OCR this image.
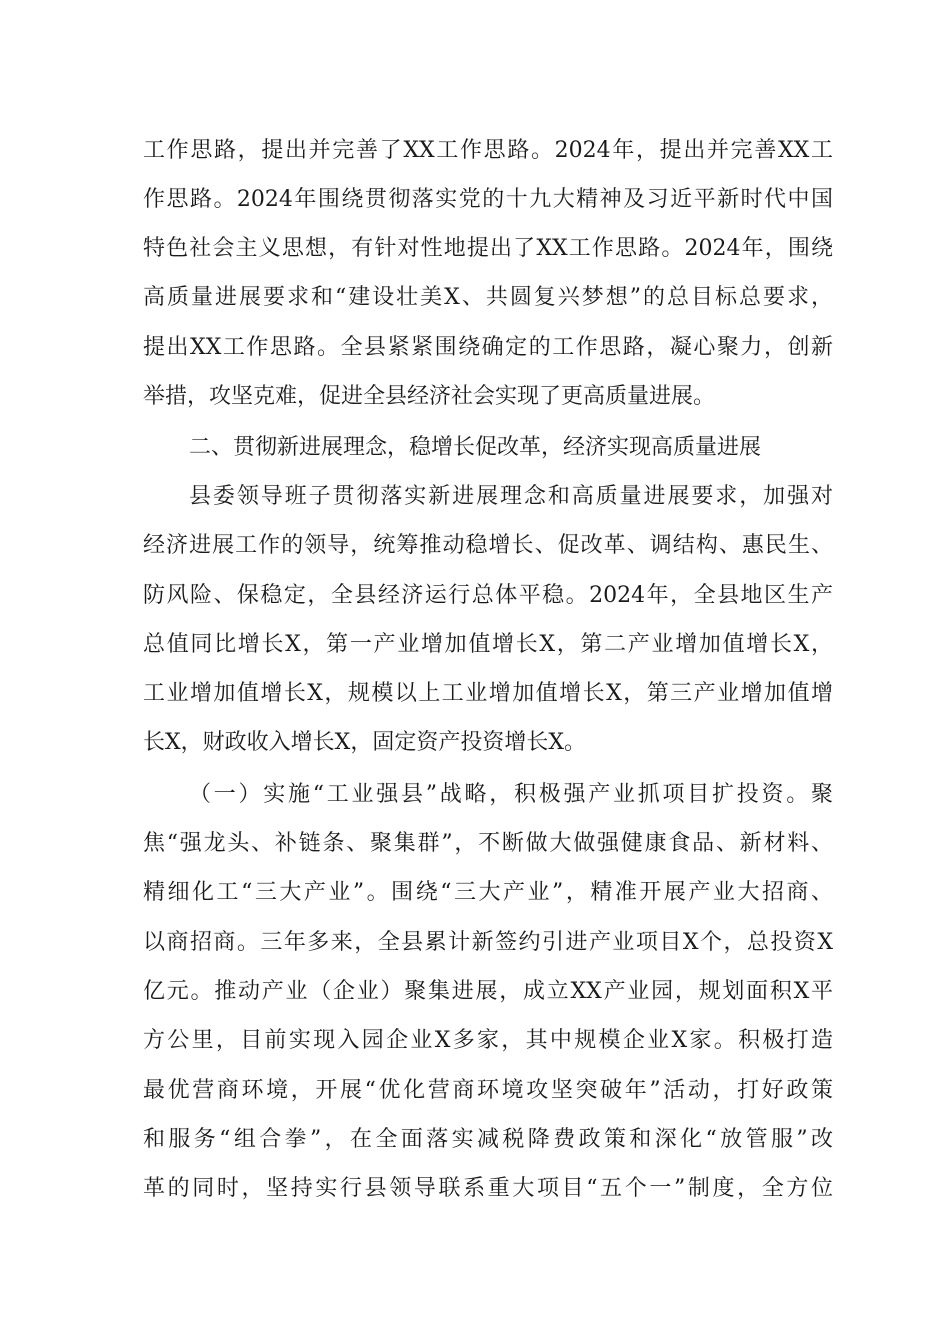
工作思路，提出并完善了XX工作思路。2024年，提出并完善XX工
作思路。2024年围绕贯彻落实党的十九大精神及习近平新时代中国
特色社会主义思想，有针对性地提出了XX工作思路。2024年，围绕
高质量进展要求和“建设壮美X、共圆复兴梦想”的总目标总要求，
提出XX工作思路。全县紧紧围绕确定的工作思路，凝心聚力，创新
举措，攻坚克难，促进全县经济社会实现了更高质量进展。
二、贯彻新进展理念，稳增长促改革，经济实现高质量进展
县委领导班子贯彻落实新进展理念和高质量进展要求，加强对
经济进展工作的领导，统筹推动稳增长、促改革、调结构、惠民生、
防风险、保稳定，全县经济运行总体平稳。2024年，全县地区生产
总值同比增长X，第一产业增加值增长X，第二产业增加值增长X，
工业增加值增长X，规模以上工业增加值增长X，第三产业增加值增
长X，财政收入增长X，固定资产投资增长X。
（一）实施“工业强县”战略，积极强产业抓项目扩投资。聚
焦“强龙头、补链条、聚集群”，不断做大做强健康食品、新材料、
精细化工“三大产业”。围绕“三大产业”，精准开展产业大招商、
以商招商。三年多来，全县累计新签约引进产业项目X个，总投资X
亿元。推动产业（企业）聚集进展，成立XX产业园，规划面积X平
方公里，目前实现入园企业X多家，其中规模企业X家。积极打造
最优营商环境，开展“优化营商环境攻坚突破年”活动，打好政策
和服务“组合拳”，在全面落实减税降费政策和深化“放管服”改
革的同时，坚持实行县领导联系重大项目“五个一”制度，全方位
